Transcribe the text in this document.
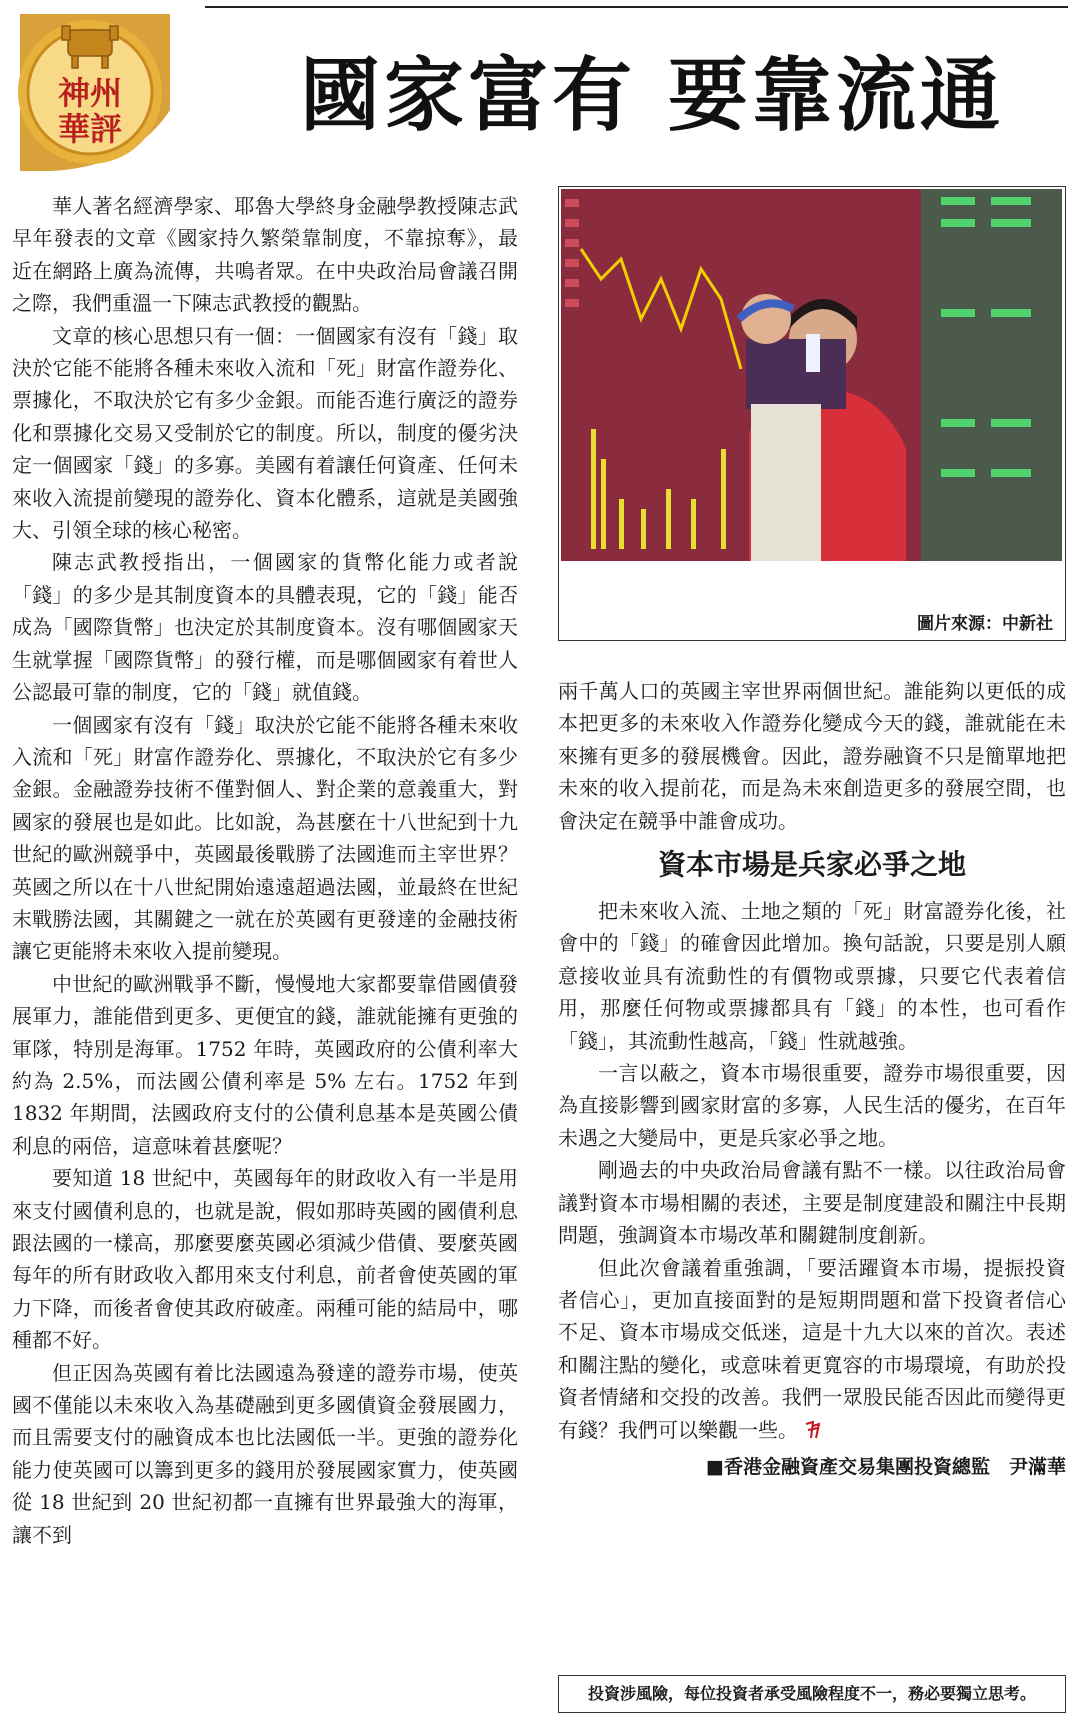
神州
華評 國家富有 要靠流通

華人著名經濟學家、耶魯大學終身金融學教授陳志武早年發表的文章《國家持久繁榮靠制度，不靠掠奪》，最近在網路上廣為流傳，共鳴者眾。在中央政治局會議召開之際，我們重溫一下陳志武教授的觀點。

文章的核心思想只有一個：一個國家有沒有「錢」取決於它能不能將各種未來收入流和「死」財富作證券化、票據化，不取決於它有多少金銀。而能否進行廣泛的證券化和票據化交易又受制於它的制度。所以，制度的優劣決定一個國家「錢」的多寡。美國有着讓任何資產、任何未來收入流提前變現的證券化、資本化體系，這就是美國強大、引領全球的核心秘密。

陳志武教授指出，一個國家的貨幣化能力或者說「錢」的多少是其制度資本的具體表現，它的「錢」能否成為「國際貨幣」也決定於其制度資本。沒有哪個國家天生就掌握「國際貨幣」的發行權，而是哪個國家有着世人公認最可靠的制度，它的「錢」就值錢。

一個國家有沒有「錢」取決於它能不能將各種未來收入流和「死」財富作證券化、票據化，不取決於它有多少金銀。金融證券技術不僅對個人、對企業的意義重大，對國家的發展也是如此。比如說，為甚麼在十八世紀到十九世紀的歐洲競爭中，英國最後戰勝了法國進而主宰世界？英國之所以在十八世紀開始遠遠超過法國，並最終在世紀末戰勝法國，其關鍵之一就在於英國有更發達的金融技術讓它更能將未來收入提前變現。

中世紀的歐洲戰爭不斷，慢慢地大家都要靠借國債發展軍力，誰能借到更多、更便宜的錢，誰就能擁有更強的軍隊，特別是海軍。1752 年時，英國政府的公債利率大約為 2.5%，而法國公債利率是 5% 左右。1752 年到 1832 年期間，法國政府支付的公債利息基本是英國公債利息的兩倍，這意味着甚麼呢？

要知道 18 世紀中，英國每年的財政收入有一半是用來支付國債利息的，也就是說，假如那時英國的國債利息跟法國的一樣高，那麼要麼英國必須減少借債、要麼英國每年的所有財政收入都用來支付利息，前者會使英國的軍力下降，而後者會使其政府破產。兩種可能的結局中，哪種都不好。

但正因為英國有着比法國遠為發達的證券市場，使英國不僅能以未來收入為基礎融到更多國債資金發展國力，而且需要支付的融資成本也比法國低一半。更強的證券化能力使英國可以籌到更多的錢用於發展國家實力，使英國從 18 世紀到 20 世紀初都一直擁有世界最強大的海軍，讓不到

圖片來源：中新社

兩千萬人口的英國主宰世界兩個世紀。誰能夠以更低的成本把更多的未來收入作證券化變成今天的錢，誰就能在未來擁有更多的發展機會。因此，證券融資不只是簡單地把未來的收入提前花，而是為未來創造更多的發展空間，也會決定在競爭中誰會成功。

資本市場是兵家必爭之地

把未來收入流、土地之類的「死」財富證券化後，社會中的「錢」的確會因此增加。換句話說，只要是別人願意接收並具有流動性的有價物或票據，只要它代表着信用，那麼任何物或票據都具有「錢」的本性，也可看作「錢」，其流動性越高，「錢」性就越強。

一言以蔽之，資本市場很重要，證券市場很重要，因為直接影響到國家財富的多寡，人民生活的優劣，在百年未遇之大變局中，更是兵家必爭之地。

剛過去的中央政治局會議有點不一樣。以往政治局會議對資本市場相關的表述，主要是制度建設和關注中長期問題，強調資本市場改革和關鍵制度創新。

但此次會議着重強調，「要活躍資本市場，提振投資者信心」，更加直接面對的是短期問題和當下投資者信心不足、資本市場成交低迷，這是十九大以來的首次。表述和關注點的變化，或意味着更寬容的市場環境，有助於投資者情緒和交投的改善。我們一眾股民能否因此而變得更有錢？我們可以樂觀一些。

■香港金融資產交易集團投資總監　尹滿華
投資涉風險，每位投資者承受風險程度不一，務必要獨立思考。
